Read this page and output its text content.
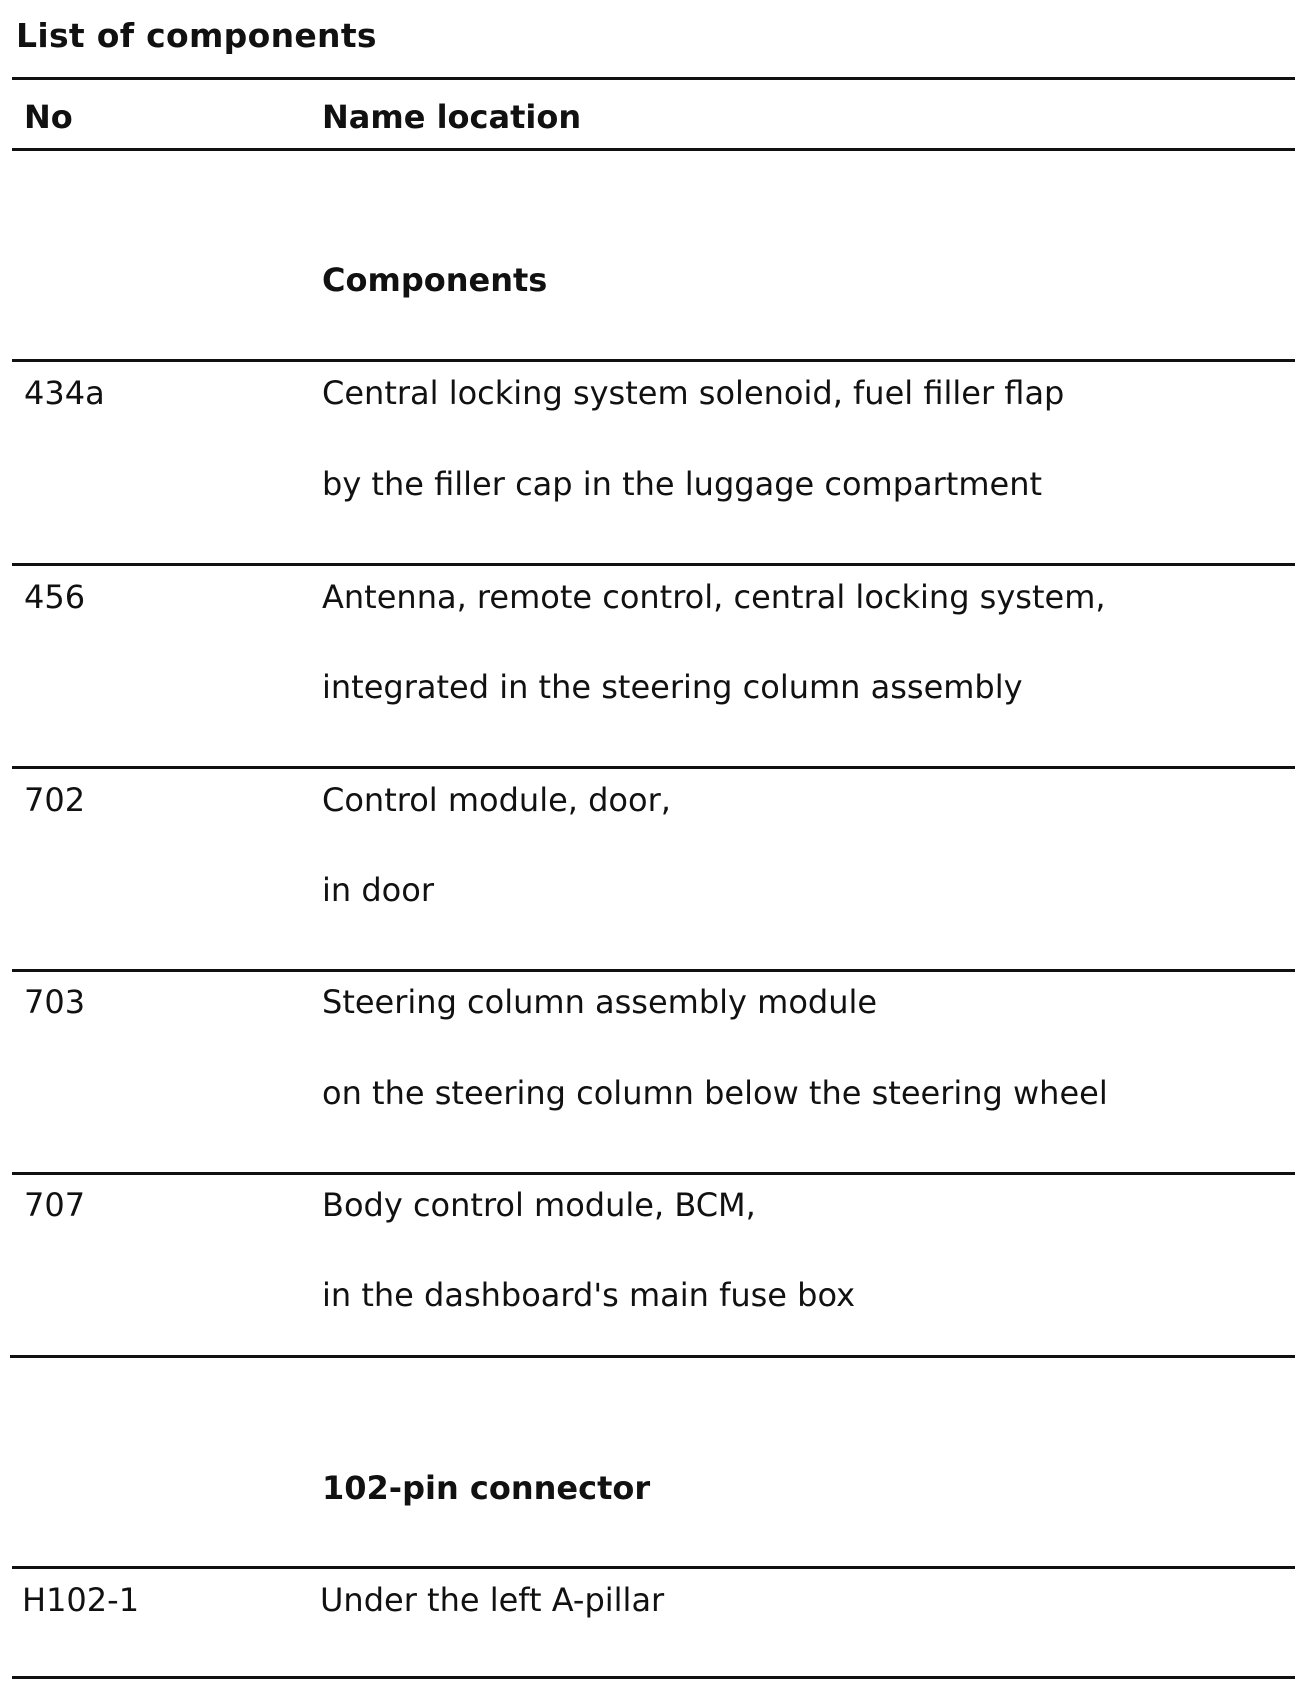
List of components
No	Name location
Components
434a	Central locking system solenoid, fuel filler flap
by the filler cap in the luggage compartment
456	Antenna, remote control, central locking system,
integrated in the steering column assembly
702	Control module, door,
in door
703	Steering column assembly module
on the steering column below the steering wheel
707	Body control module, BCM,
in the dashboard's main fuse box
102-pin connector
H102-1	Under the left A-pillar
